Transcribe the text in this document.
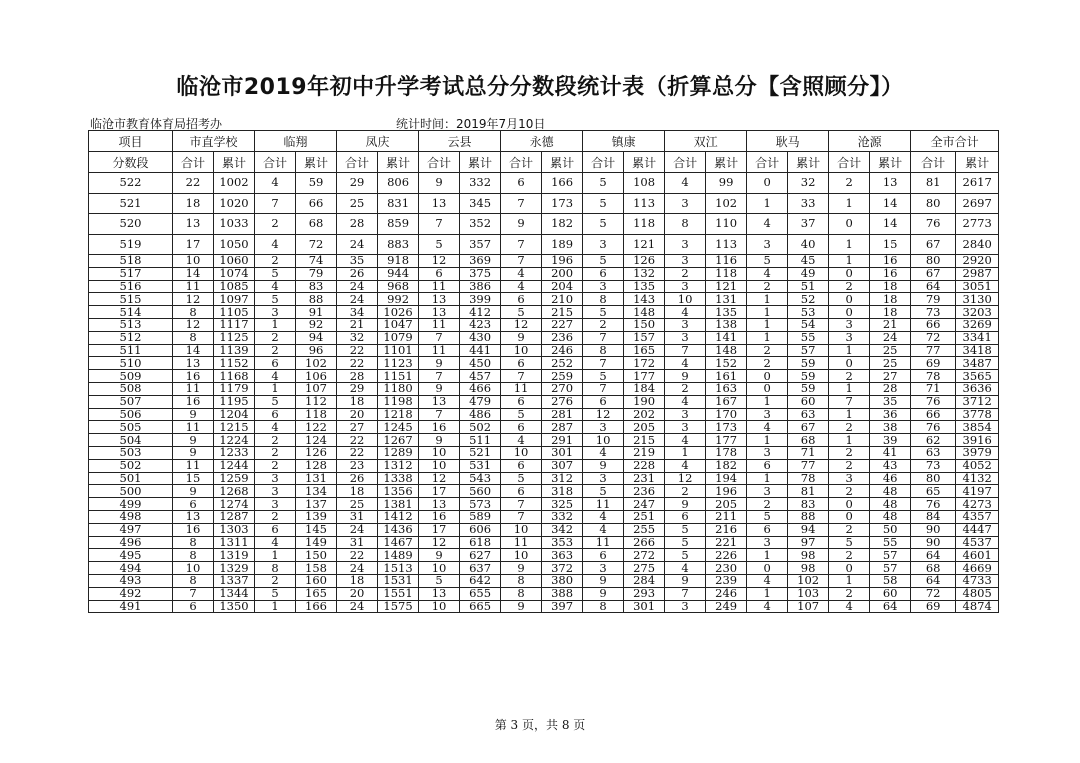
临沧市2019年初中升学考试总分分数段统计表（折算总分【含照顾分】）
临沧市教育体育局招考办	统计时间：2019年7月10日
项目	市直学校		临翔		凤庆		云县		永德		镇康		双江		耿马		沧源		全市合计	
分数段	合计	累计	合计	累计	合计	累计	合计	累计	合计	累计	合计	累计	合计	累计	合计	累计	合计	累计	合计	累计
522	22	1002	4	59	29	806	9	332	6	166	5	108	4	99	0	32	2	13	81	2617
521	18	1020	7	66	25	831	13	345	7	173	5	113	3	102	1	33	1	14	80	2697
520	13	1033	2	68	28	859	7	352	9	182	5	118	8	110	4	37	0	14	76	2773
519	17	1050	4	72	24	883	5	357	7	189	3	121	3	113	3	40	1	15	67	2840
518	10	1060	2	74	35	918	12	369	7	196	5	126	3	116	5	45	1	16	80	2920
517	14	1074	5	79	26	944	6	375	4	200	6	132	2	118	4	49	0	16	67	2987
516	11	1085	4	83	24	968	11	386	4	204	3	135	3	121	2	51	2	18	64	3051
515	12	1097	5	88	24	992	13	399	6	210	8	143	10	131	1	52	0	18	79	3130
514	8	1105	3	91	34	1026	13	412	5	215	5	148	4	135	1	53	0	18	73	3203
513	12	1117	1	92	21	1047	11	423	12	227	2	150	3	138	1	54	3	21	66	3269
512	8	1125	2	94	32	1079	7	430	9	236	7	157	3	141	1	55	3	24	72	3341
511	14	1139	2	96	22	1101	11	441	10	246	8	165	7	148	2	57	1	25	77	3418
510	13	1152	6	102	22	1123	9	450	6	252	7	172	4	152	2	59	0	25	69	3487
509	16	1168	4	106	28	1151	7	457	7	259	5	177	9	161	0	59	2	27	78	3565
508	11	1179	1	107	29	1180	9	466	11	270	7	184	2	163	0	59	1	28	71	3636
507	16	1195	5	112	18	1198	13	479	6	276	6	190	4	167	1	60	7	35	76	3712
506	9	1204	6	118	20	1218	7	486	5	281	12	202	3	170	3	63	1	36	66	3778
505	11	1215	4	122	27	1245	16	502	6	287	3	205	3	173	4	67	2	38	76	3854
504	9	1224	2	124	22	1267	9	511	4	291	10	215	4	177	1	68	1	39	62	3916
503	9	1233	2	126	22	1289	10	521	10	301	4	219	1	178	3	71	2	41	63	3979
502	11	1244	2	128	23	1312	10	531	6	307	9	228	4	182	6	77	2	43	73	4052
501	15	1259	3	131	26	1338	12	543	5	312	3	231	12	194	1	78	3	46	80	4132
500	9	1268	3	134	18	1356	17	560	6	318	5	236	2	196	3	81	2	48	65	4197
499	6	1274	3	137	25	1381	13	573	7	325	11	247	9	205	2	83	0	48	76	4273
498	13	1287	2	139	31	1412	16	589	7	332	4	251	6	211	5	88	0	48	84	4357
497	16	1303	6	145	24	1436	17	606	10	342	4	255	5	216	6	94	2	50	90	4447
496	8	1311	4	149	31	1467	12	618	11	353	11	266	5	221	3	97	5	55	90	4537
495	8	1319	1	150	22	1489	9	627	10	363	6	272	5	226	1	98	2	57	64	4601
494	10	1329	8	158	24	1513	10	637	9	372	3	275	4	230	0	98	0	57	68	4669
493	8	1337	2	160	18	1531	5	642	8	380	9	284	9	239	4	102	1	58	64	4733
492	7	1344	5	165	20	1551	13	655	8	388	9	293	7	246	1	103	2	60	72	4805
491	6	1350	1	166	24	1575	10	665	9	397	8	301	3	249	4	107	4	64	69	4874
第 3 页，共 8 页
